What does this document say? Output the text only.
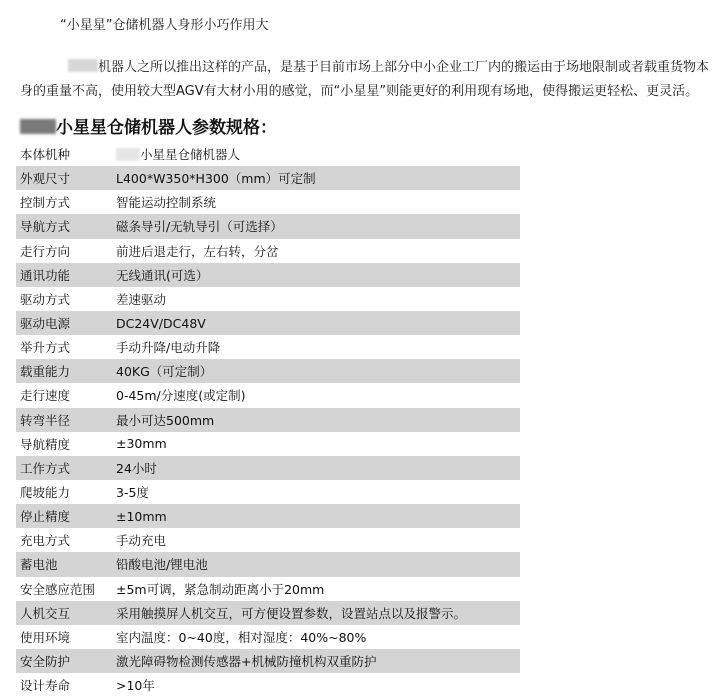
“小星星”仓储机器人身形小巧作用大
机器人之所以推出这样的产品，是基于目前市场上部分中小企业工厂内的搬运由于场地限制或者载重货物本身的重量不高，使用较大型AGV有大材小用的感觉，而“小星星”则能更好的利用现有场地，使得搬运更轻松、更灵活。
小星星仓储机器人参数规格：
本体机种	小星星仓储机器人
外观尺寸	L400*W350*H300（mm）可定制
控制方式	智能运动控制系统
导航方式	磁条导引/无轨导引（可选择）
走行方向	前进后退走行，左右转，分岔
通讯功能	无线通讯(可选）
驱动方式	差速驱动
驱动电源	DC24V/DC48V
举升方式	手动升降/电动升降
载重能力	40KG（可定制）
走行速度	0-45m/分速度(或定制)
转弯半径	最小可达500mm
导航精度	±30mm
工作方式	24小时
爬坡能力	3-5度
停止精度	±10mm
充电方式	手动充电
蓄电池	铅酸电池/锂电池
安全感应范围	±5m可调，紧急制动距离小于20mm
人机交互	采用触摸屏人机交互，可方便设置参数，设置站点以及报警示。
使用环境	室内温度：0~40度，相对湿度：40%~80%
安全防护	激光障碍物检测传感器+机械防撞机构双重防护
设计寿命	>10年
